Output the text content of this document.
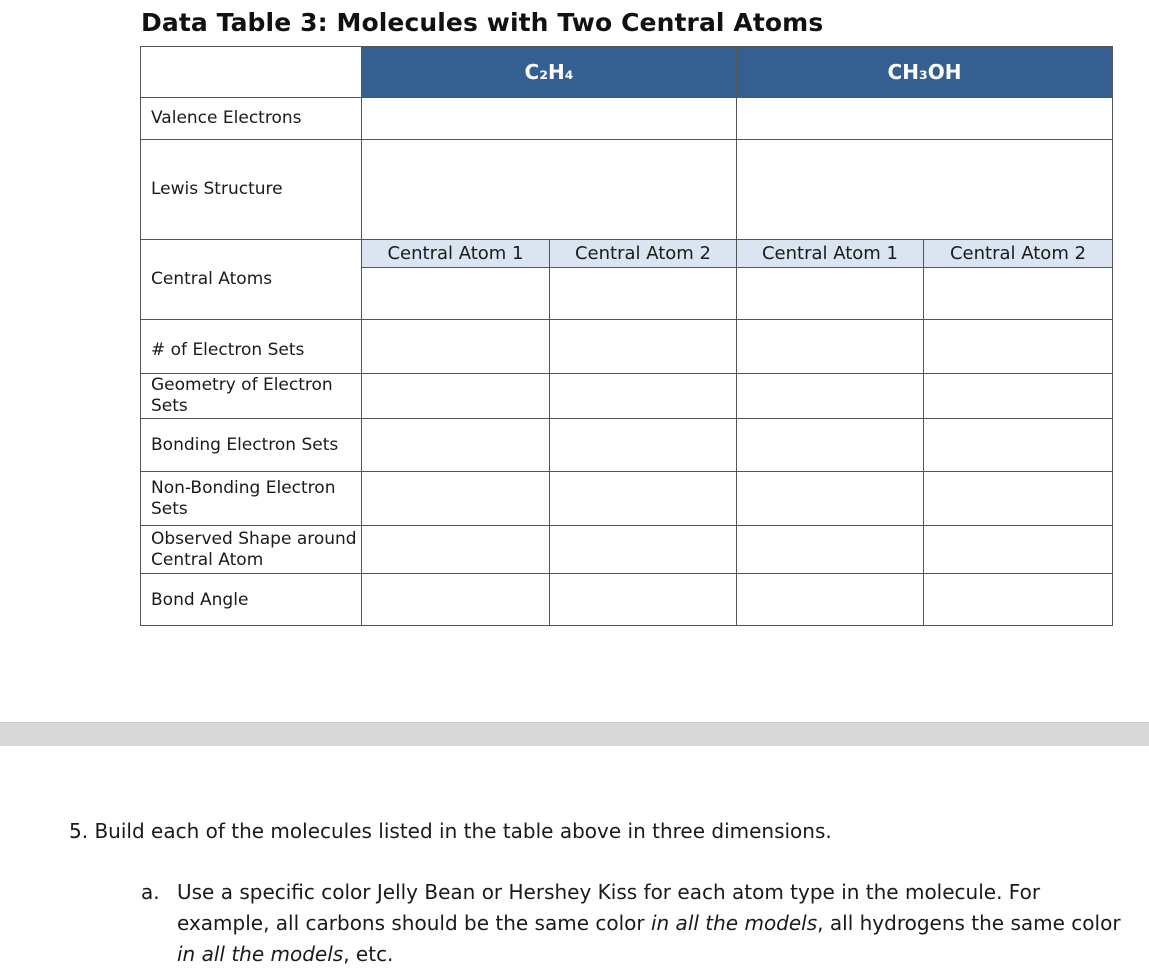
Data Table 3: Molecules with Two Central Atoms
	C₂H₄		CH₃OH	
Valence Electrons				
Lewis Structure				
Central Atoms	Central Atom 1	Central Atom 2	Central Atom 1	Central Atom 2

# of Electron Sets				
Geometry of Electron Sets				
Bonding Electron Sets				
Non-Bonding Electron Sets				
Observed Shape around Central Atom				
Bond Angle				

5. Build each of the molecules listed in the table above in three dimensions.

a. Use a specific color Jelly Bean or Hershey Kiss for each atom type in the molecule. For example, all carbons should be the same color in all the models, all hydrogens the same color in all the models, etc.
